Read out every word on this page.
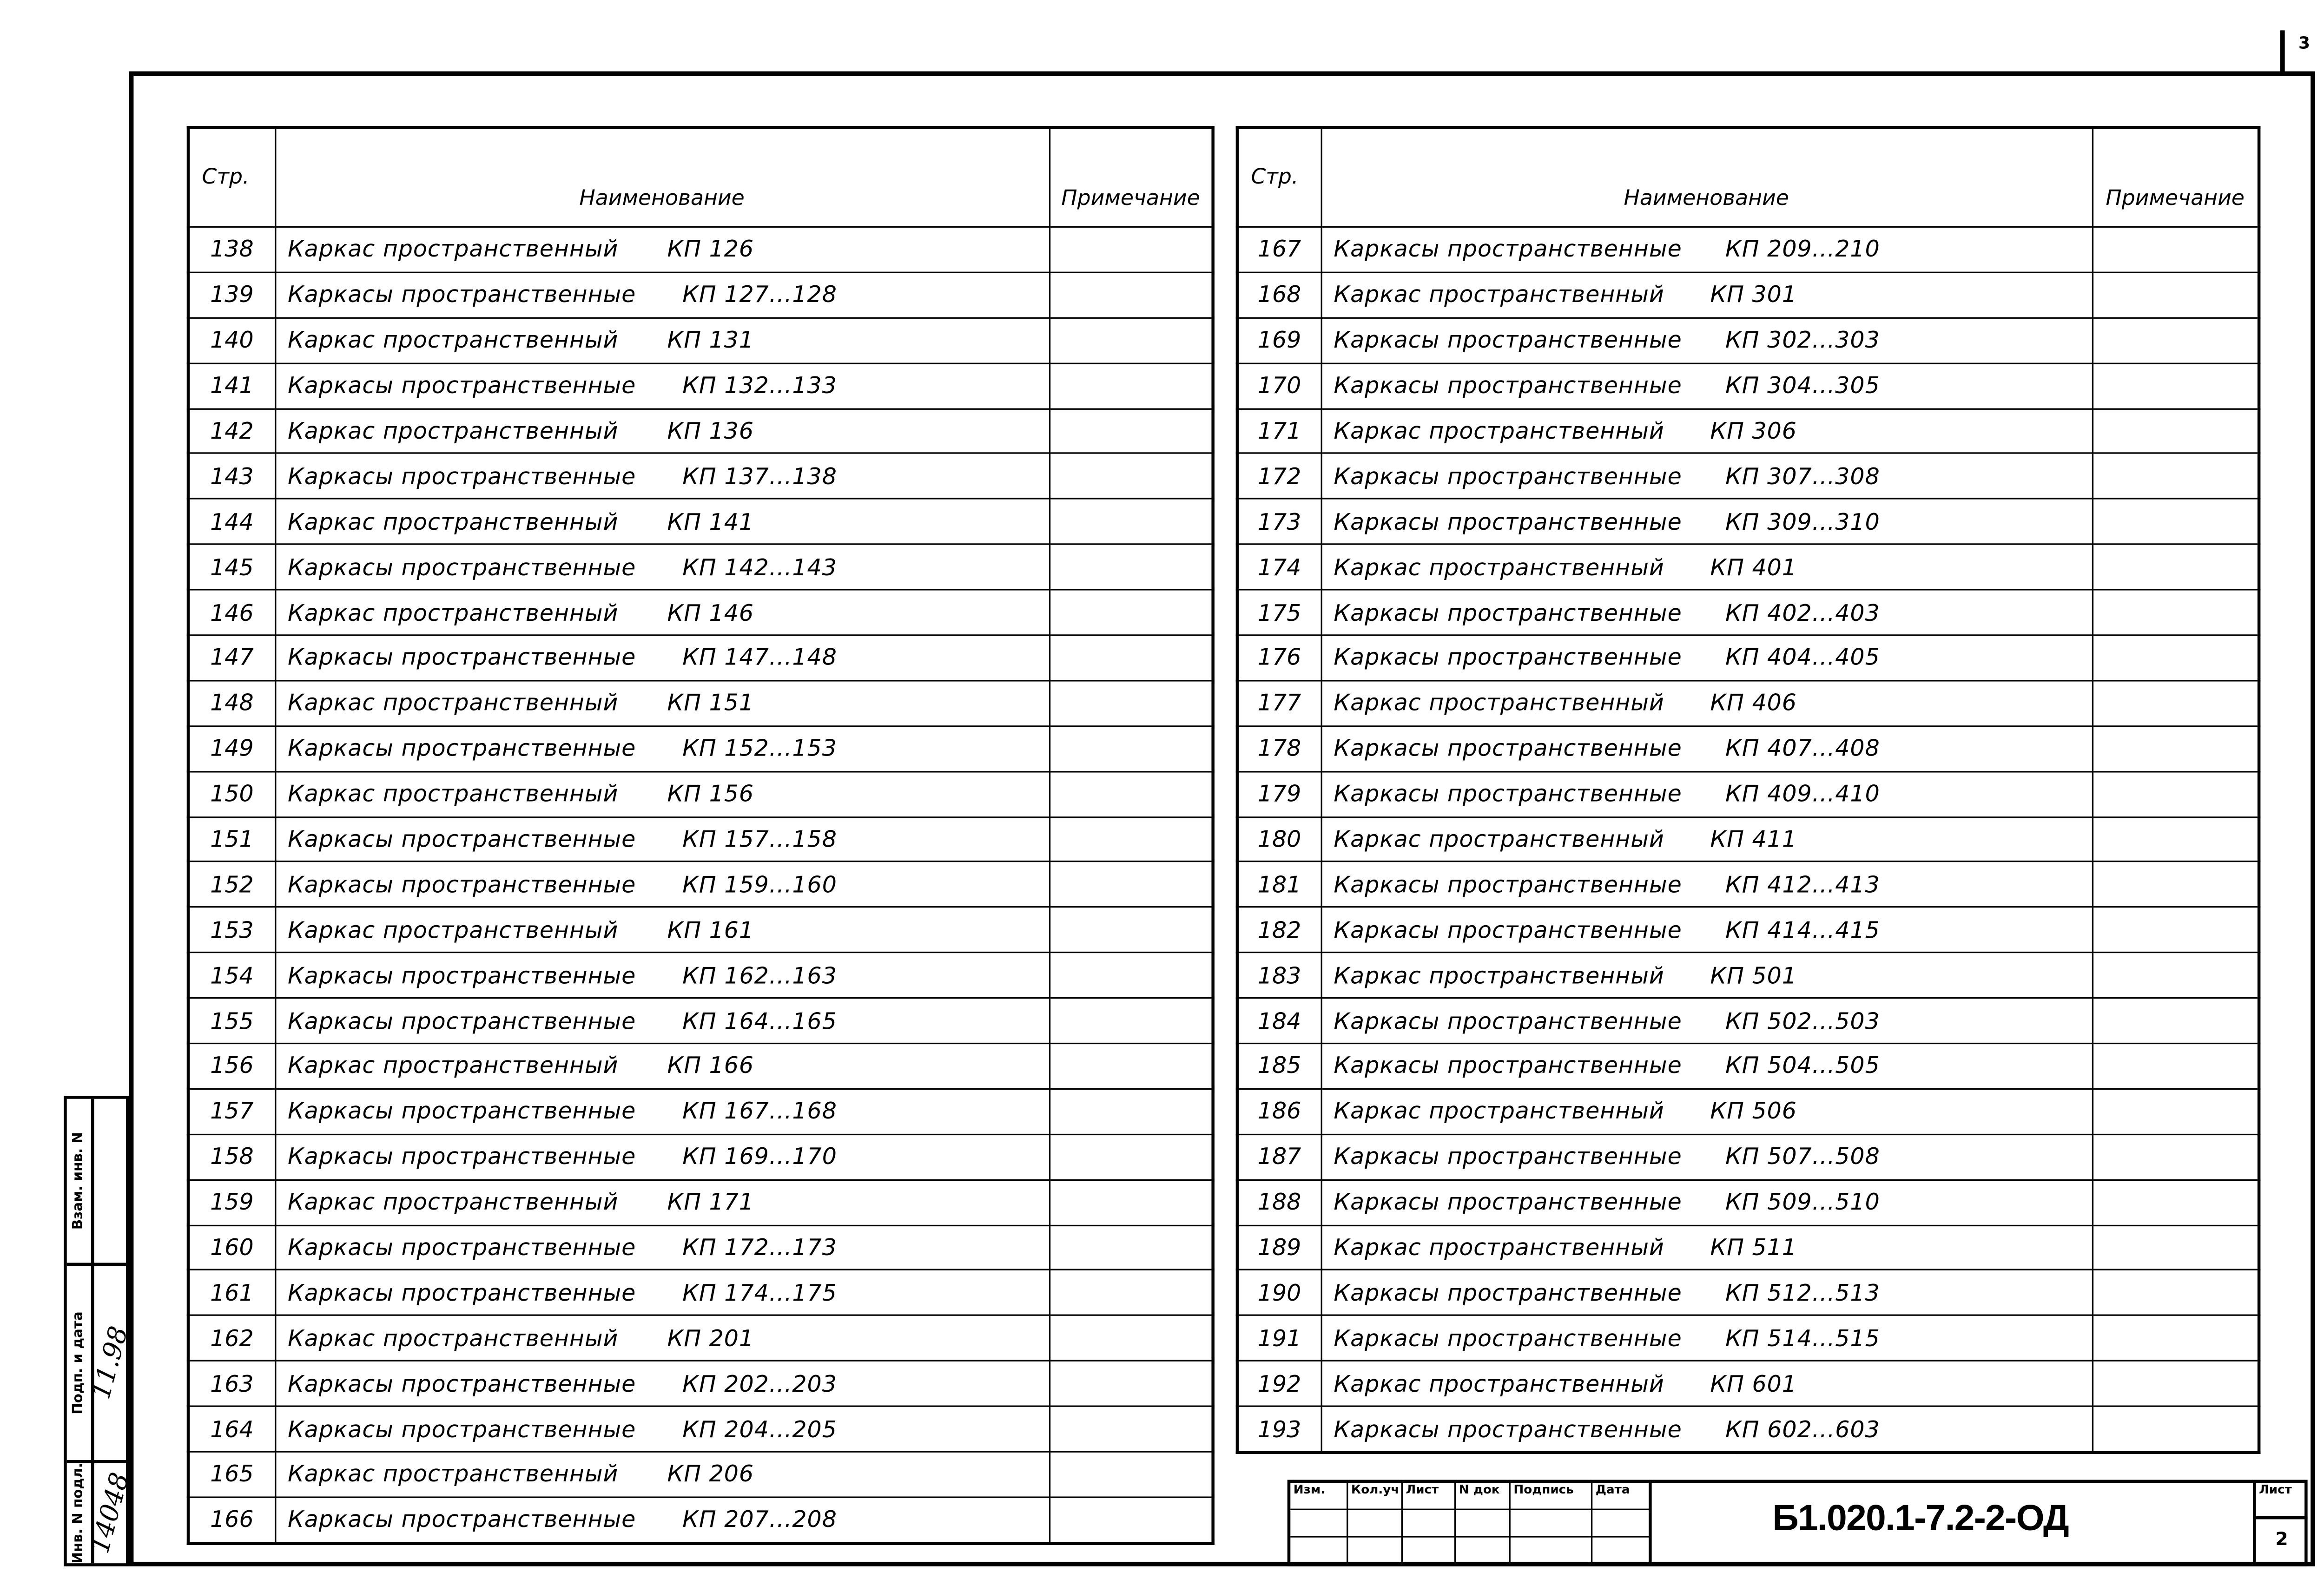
3
Стр.	Наименование	Примечание
138	Каркас пространственный КП 126	

139	Каркасы пространственные КП 127...128	

140	Каркас пространственный КП 131	

141	Каркасы пространственные КП 132...133	

142	Каркас пространственный КП 136	

143	Каркасы пространственные КП 137...138	

144	Каркас пространственный КП 141	

145	Каркасы пространственные КП 142...143	

146	Каркас пространственный КП 146	

147	Каркасы пространственные КП 147...148	

148	Каркас пространственный КП 151	

149	Каркасы пространственные КП 152...153	

150	Каркас пространственный КП 156	

151	Каркасы пространственные КП 157...158	

152	Каркасы пространственные КП 159...160	

153	Каркас пространственный КП 161	

154	Каркасы пространственные КП 162...163	

155	Каркасы пространственные КП 164...165	

156	Каркас пространственный КП 166	

157	Каркасы пространственные КП 167...168	

158	Каркасы пространственные КП 169...170	

159	Каркас пространственный КП 171	

160	Каркасы пространственные КП 172...173	

161	Каркасы пространственные КП 174...175	

162	Каркас пространственный КП 201	

163	Каркасы пространственные КП 202...203	

164	Каркасы пространственные КП 204...205	

165	Каркас пространственный КП 206	

166	Каркасы пространственные КП 207...208	

Стр.	Наименование	Примечание
167	Каркасы пространственные КП 209...210	

168	Каркас пространственный КП 301	

169	Каркасы пространственные КП 302...303	

170	Каркасы пространственные КП 304...305	

171	Каркас пространственный КП 306	

172	Каркасы пространственные КП 307...308	

173	Каркасы пространственные КП 309...310	

174	Каркас пространственный КП 401	

175	Каркасы пространственные КП 402...403	

176	Каркасы пространственные КП 404...405	

177	Каркас пространственный КП 406	

178	Каркасы пространственные КП 407...408	

179	Каркасы пространственные КП 409...410	

180	Каркас пространственный КП 411	

181	Каркасы пространственные КП 412...413	

182	Каркасы пространственные КП 414...415	

183	Каркас пространственный КП 501	

184	Каркасы пространственные КП 502...503	

185	Каркасы пространственные КП 504...505	

186	Каркас пространственный КП 506	

187	Каркасы пространственные КП 507...508	

188	Каркасы пространственные КП 509...510	

189	Каркас пространственный КП 511	

190	Каркасы пространственные КП 512...513	

191	Каркасы пространственные КП 514...515	

192	Каркас пространственный КП 601	

193	Каркасы пространственные КП 602...603	

Изм.	Кол.уч	Лист	N док	Подпись	Дата
Б1.020.1-7.2-2-ОД
Лист
2
Взам. инв. N
Подп. и дата
11.98
Инв. N подл.
14048
